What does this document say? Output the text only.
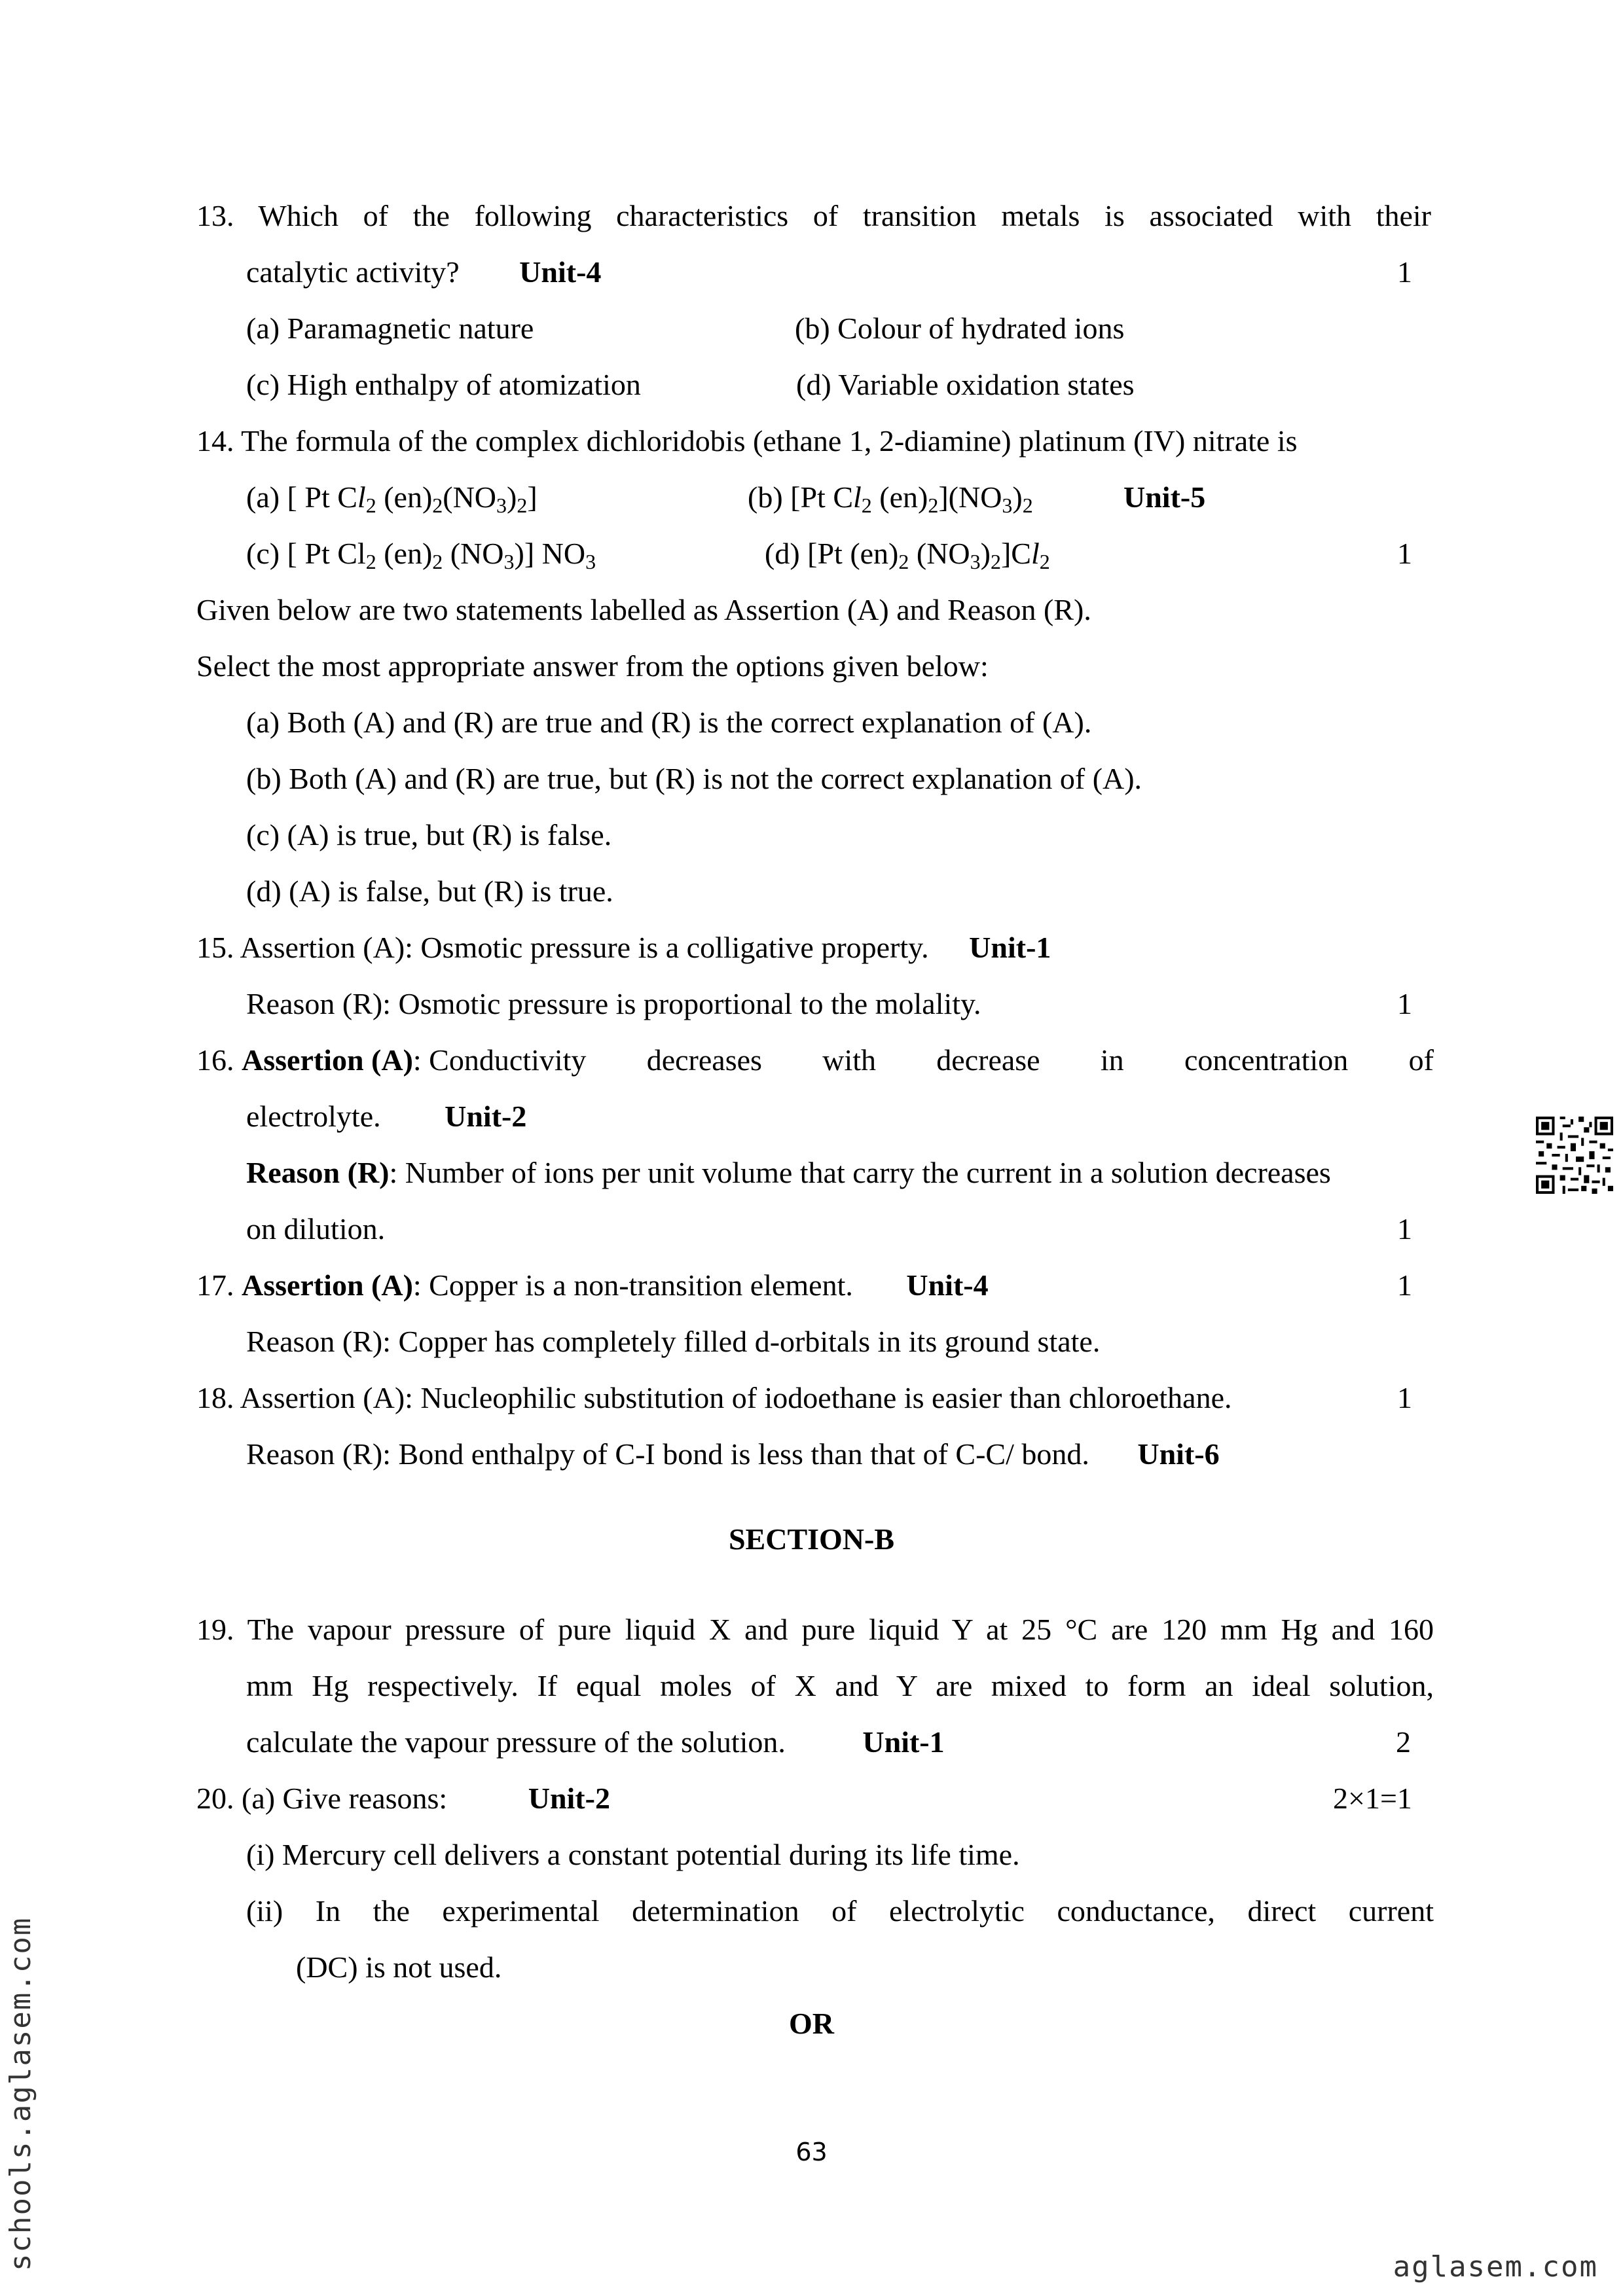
13. Which of the following characteristics of transition metals is associated with their
catalytic activity? Unit-4	1
(a) Paramagnetic nature	(b) Colour of hydrated ions
(c) High enthalpy of atomization	(d) Variable oxidation states
14. The formula of the complex dichloridobis (ethane 1, 2-diamine) platinum (IV) nitrate is
(a) [ Pt $Cl_2$ $(en)_2(NO_3)_2$]	(b) [Pt $Cl_2$ $(en)_2](NO_3)_2$	Unit-5
(c) [ Pt $Cl_2$ $(en)_2$ $(NO_3)$] $NO_3$	(d) [Pt $(en)_2$ $(NO_3)_2]Cl_2$	1
Given below are two statements labelled as Assertion (A) and Reason (R).
Select the most appropriate answer from the options given below:
(a) Both (A) and (R) are true and (R) is the correct explanation of (A).
(b) Both (A) and (R) are true, but (R) is not the correct explanation of (A).
(c) (A) is true, but (R) is false.
(d) (A) is false, but (R) is true.
15. Assertion (A): Osmotic pressure is a colligative property. Unit-1
Reason (R): Osmotic pressure is proportional to the molality.	1
16. Assertion (A): Conductivity decreases with decrease in concentration of
electrolyte. Unit-2
Reason (R): Number of ions per unit volume that carry the current in a solution decreases
on dilution.	1
17. Assertion (A): Copper is a non-transition element. Unit-4	1
Reason (R): Copper has completely filled d-orbitals in its ground state.
18. Assertion (A): Nucleophilic substitution of iodoethane is easier than chloroethane.	1
Reason (R): Bond enthalpy of C-I bond is less than that of C-C/ bond. Unit-6
SECTION-B
19. The vapour pressure of pure liquid X and pure liquid Y at 25 °C are 120 mm Hg and 160
mm Hg respectively. If equal moles of X and Y are mixed to form an ideal solution,
calculate the vapour pressure of the solution.	Unit-1	2
20. (a) Give reasons:	Unit-2	2×1=1
(i) Mercury cell delivers a constant potential during its life time.
(ii) In the experimental determination of electrolytic conductance, direct current
(DC) is not used.
OR
63
schools.aglasem.com	aglasem.com
